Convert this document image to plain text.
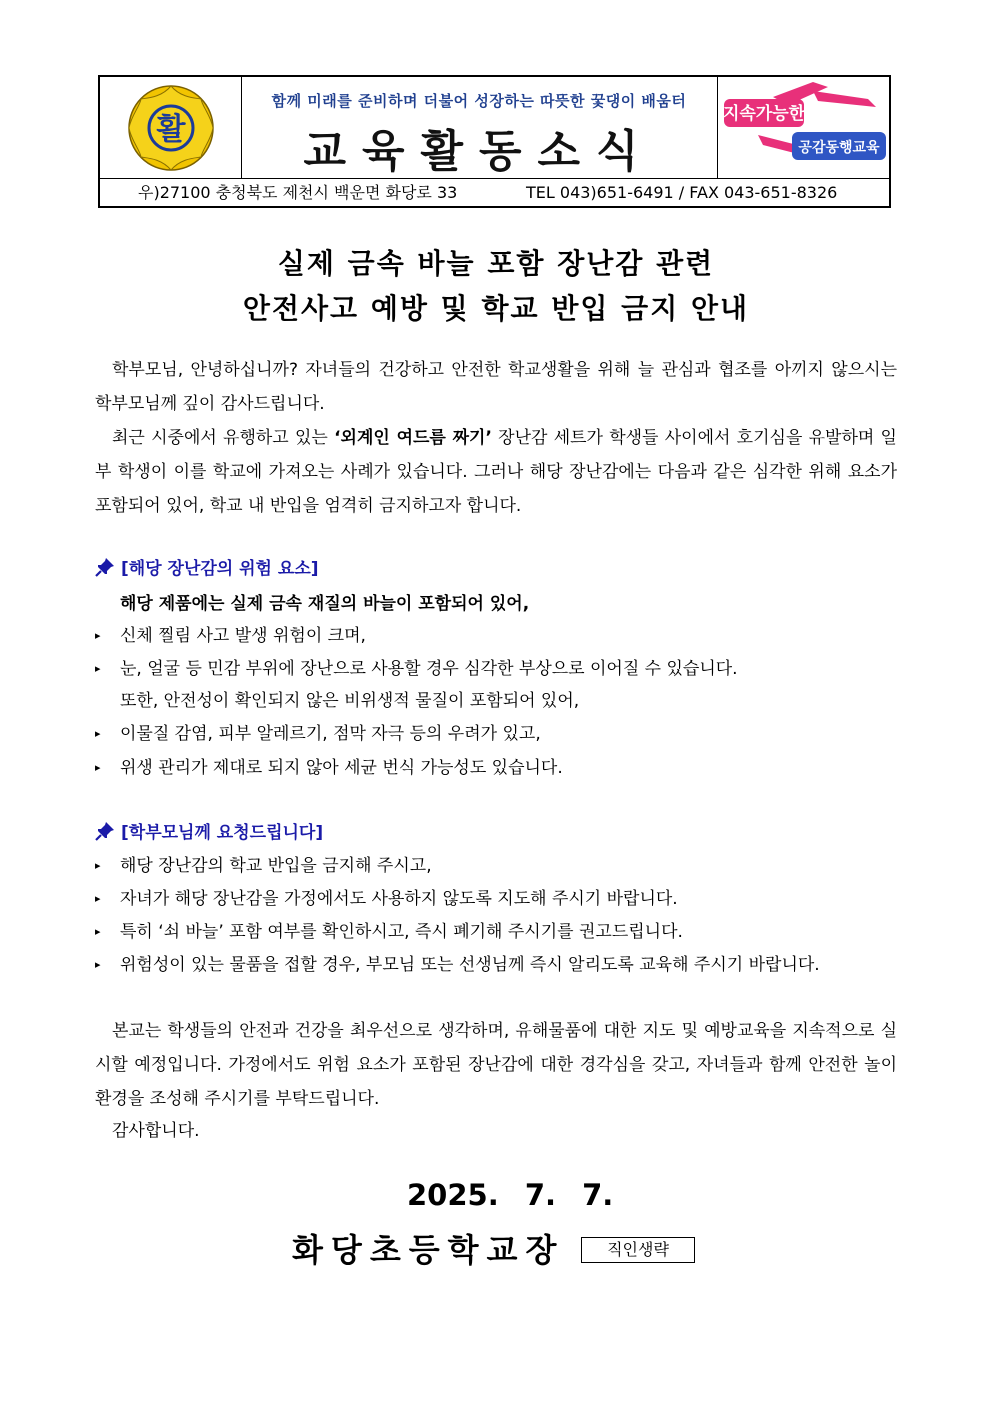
활
함께 미래를 준비하며 더불어 성장하는 따뜻한 꿏댕이 배움터
교육활동소식
지속가능한
공감동행교육
우)27100 충청북도 제천시 백운면 화당로 33	TEL 043)651-6491 / FAX 043-651-8326
실제 금속 바늘 포함 장난감 관련
안전사고 예방 및 학교 반입 금지 안내
학부모님, 안녕하십니까? 자녀들의 건강하고 안전한 학교생활을 위해 늘 관심과 협조를 아끼지 않으시는 학부모님께 깊이 감사드립니다.
최근 시중에서 유행하고 있는 ‘외계인 여드름 짜기’ 장난감 세트가 학생들 사이에서 호기심을 유발하며 일부 학생이 이를 학교에 가져오는 사례가 있습니다. 그러나 해당 장난감에는 다음과 같은 심각한 위해 요소가 포함되어 있어, 학교 내 반입을 엄격히 금지하고자 합니다.
[해당 장난감의 위험 요소]
해당 제품에는 실제 금속 재질의 바늘이 포함되어 있어,
▸ 신체 찔림 사고 발생 위험이 크며,
▸ 눈, 얼굴 등 민감 부위에 장난으로 사용할 경우 심각한 부상으로 이어질 수 있습니다.
또한, 안전성이 확인되지 않은 비위생적 물질이 포함되어 있어,
▸ 이물질 감염, 피부 알레르기, 점막 자극 등의 우려가 있고,
▸ 위생 관리가 제대로 되지 않아 세균 번식 가능성도 있습니다.
[학부모님께 요청드립니다]
▸ 해당 장난감의 학교 반입을 금지해 주시고,
▸ 자녀가 해당 장난감을 가정에서도 사용하지 않도록 지도해 주시기 바랍니다.
▸ 특히 ‘쇠 바늘’ 포함 여부를 확인하시고, 즉시 폐기해 주시기를 권고드립니다.
▸ 위험성이 있는 물품을 접할 경우, 부모님 또는 선생님께 즉시 알리도록 교육해 주시기 바랍니다.
본교는 학생들의 안전과 건강을 최우선으로 생각하며, 유해물품에 대한 지도 및 예방교육을 지속적으로 실시할 예정입니다. 가정에서도 위험 요소가 포함된 장난감에 대한 경각심을 갖고, 자녀들과 함께 안전한 놀이 환경을 조성해 주시기를 부탁드립니다.
감사합니다.
2025. 7. 7.
화당초등학교장	직인생략
